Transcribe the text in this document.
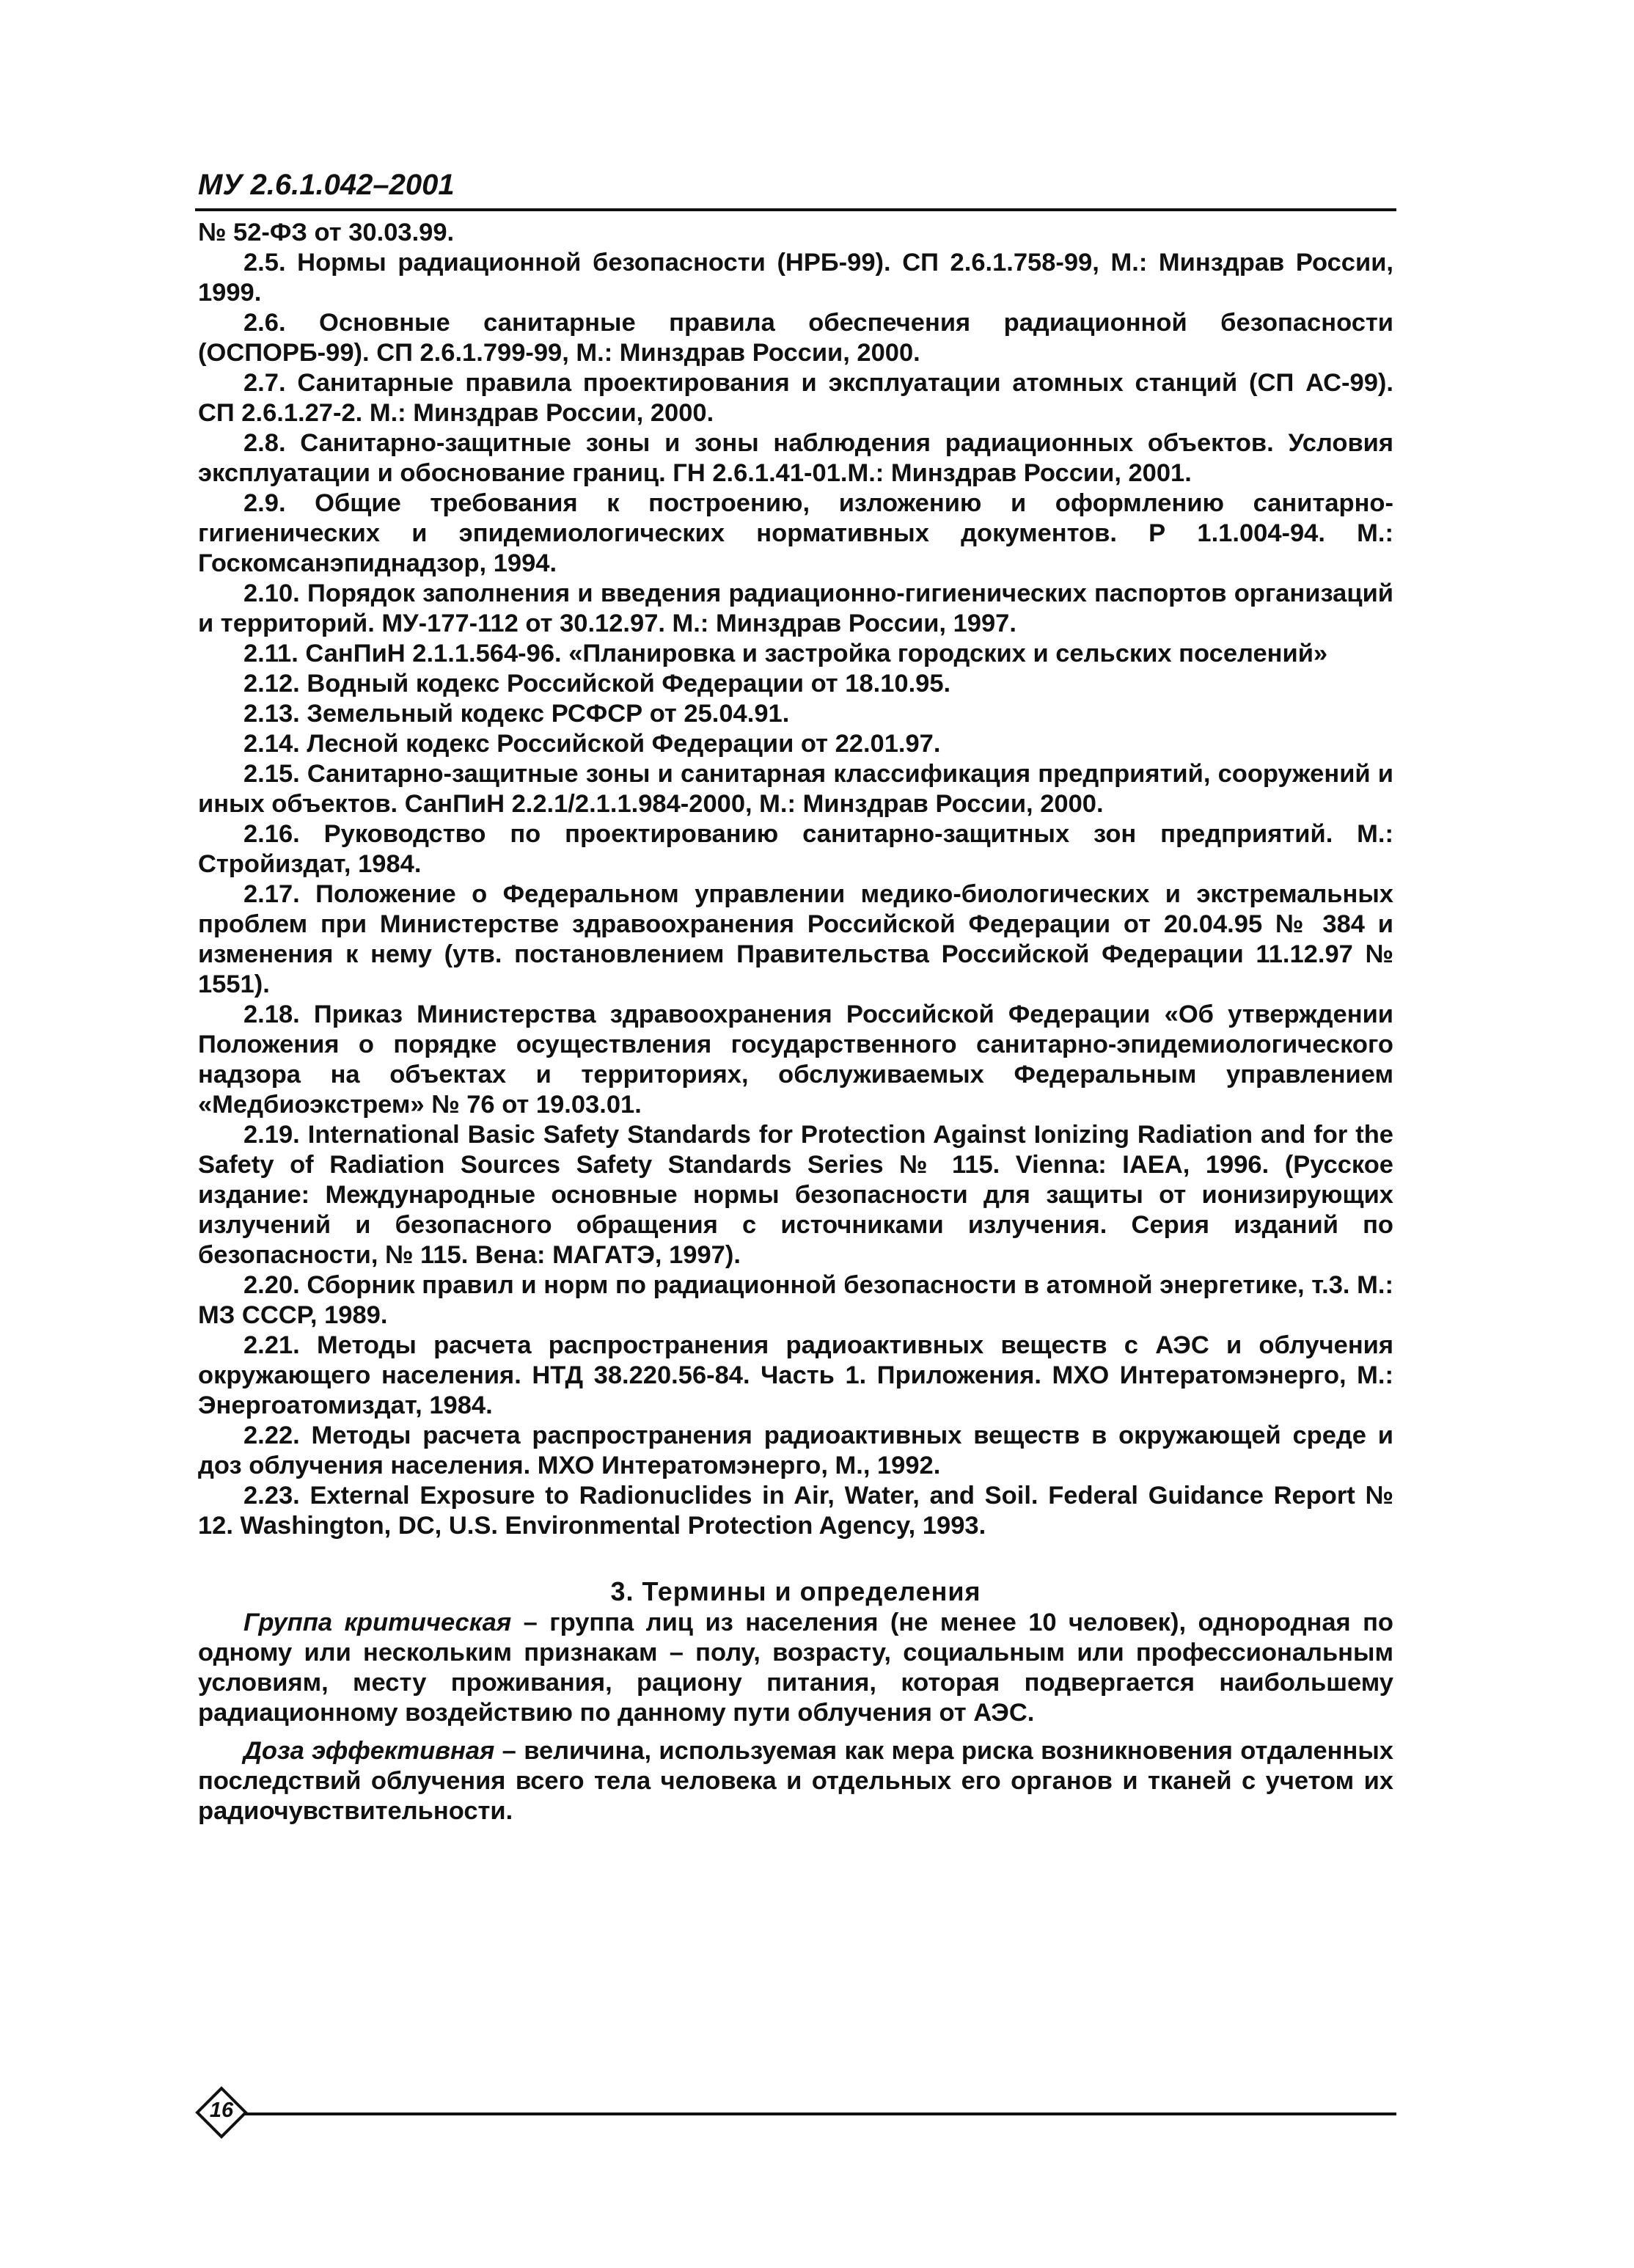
МУ 2.6.1.042–2001

№ 52-ФЗ от 30.03.99.

2.5. Нормы радиационной безопасности (НРБ-99). СП 2.6.1.758-99, М.: Минздрав России, 1999.

2.6. Основные санитарные правила обеспечения радиационной безопасности (ОСПОРБ-99). СП 2.6.1.799-99, М.: Минздрав России, 2000.

2.7. Санитарные правила проектирования и эксплуатации атомных станций (СП АС-99). СП 2.6.1.27-2. М.: Минздрав России, 2000.

2.8. Санитарно-защитные зоны и зоны наблюдения радиационных объектов. Условия эксплуатации и обоснование границ. ГН 2.6.1.41-01.М.: Минздрав России, 2001.

2.9. Общие требования к построению, изложению и оформлению санитарно-гигиенических и эпидемиологических нормативных документов. Р 1.1.004-94. М.: Госкомсанэпиднадзор, 1994.

2.10. Порядок заполнения и введения радиационно-гигиенических паспортов организаций и территорий. МУ-177-112 от 30.12.97. М.: Минздрав России, 1997.

2.11. СанПиН 2.1.1.564-96. «Планировка и застройка городских и сельских поселений»

2.12. Водный кодекс Российской Федерации от 18.10.95.

2.13. Земельный кодекс РСФСР от 25.04.91.

2.14. Лесной кодекс Российской Федерации от 22.01.97.

2.15. Санитарно-защитные зоны и санитарная классификация предприятий, сооружений и иных объектов. СанПиН 2.2.1/2.1.1.984-2000, М.: Минздрав России, 2000.

2.16. Руководство по проектированию санитарно-защитных зон предприятий. М.: Стройиздат, 1984.

2.17. Положение о Федеральном управлении медико-биологических и экстремальных проблем при Министерстве здравоохранения Российской Федерации от 20.04.95 № 384 и изменения к нему (утв. постановлением Правительства Российской Федерации 11.12.97 № 1551).

2.18. Приказ Министерства здравоохранения Российской Федерации «Об утверждении Положения о порядке осуществления государственного санитарно-эпидемиологического надзора на объектах и территориях, обслуживаемых Федеральным управлением «Медбиоэкстрем» № 76 от 19.03.01.

2.19. International Basic Safety Standards for Protection Against Ionizing Radiation and for the Safety of Radiation Sources Safety Standards Series № 115. Vienna: IAEA, 1996. (Русское издание: Международные основные нормы безопасности для защиты от ионизирующих излучений и безопасного обращения с источниками излучения. Серия изданий по безопасности, № 115. Вена: МАГАТЭ, 1997).

2.20. Сборник правил и норм по радиационной безопасности в атомной энергетике, т.3. М.: МЗ СССР, 1989.

2.21. Методы расчета распространения радиоактивных веществ с АЭС и облучения окружающего населения. НТД 38.220.56-84. Часть 1. Приложения. МХО Интератомэнерго, М.: Энергоатомиздат, 1984.

2.22. Методы расчета распространения радиоактивных веществ в окружающей среде и доз облучения населения. МХО Интератомэнерго, М., 1992.

2.23. External Exposure to Radionuclides in Air, Water, and Soil. Federal Guidance Report № 12. Washington, DC, U.S. Environmental Protection Agency, 1993.

3. Термины и определения

Группа критическая – группа лиц из населения (не менее 10 человек), однородная по одному или нескольким признакам – полу, возрасту, социальным или профессиональным условиям, месту проживания, рациону питания, которая подвергается наибольшему радиационному воздействию по данному пути облучения от АЭС.

Доза эффективная – величина, используемая как мера риска возникновения отдаленных последствий облучения всего тела человека и отдельных его органов и тканей с учетом их радиочувствительности.

16
